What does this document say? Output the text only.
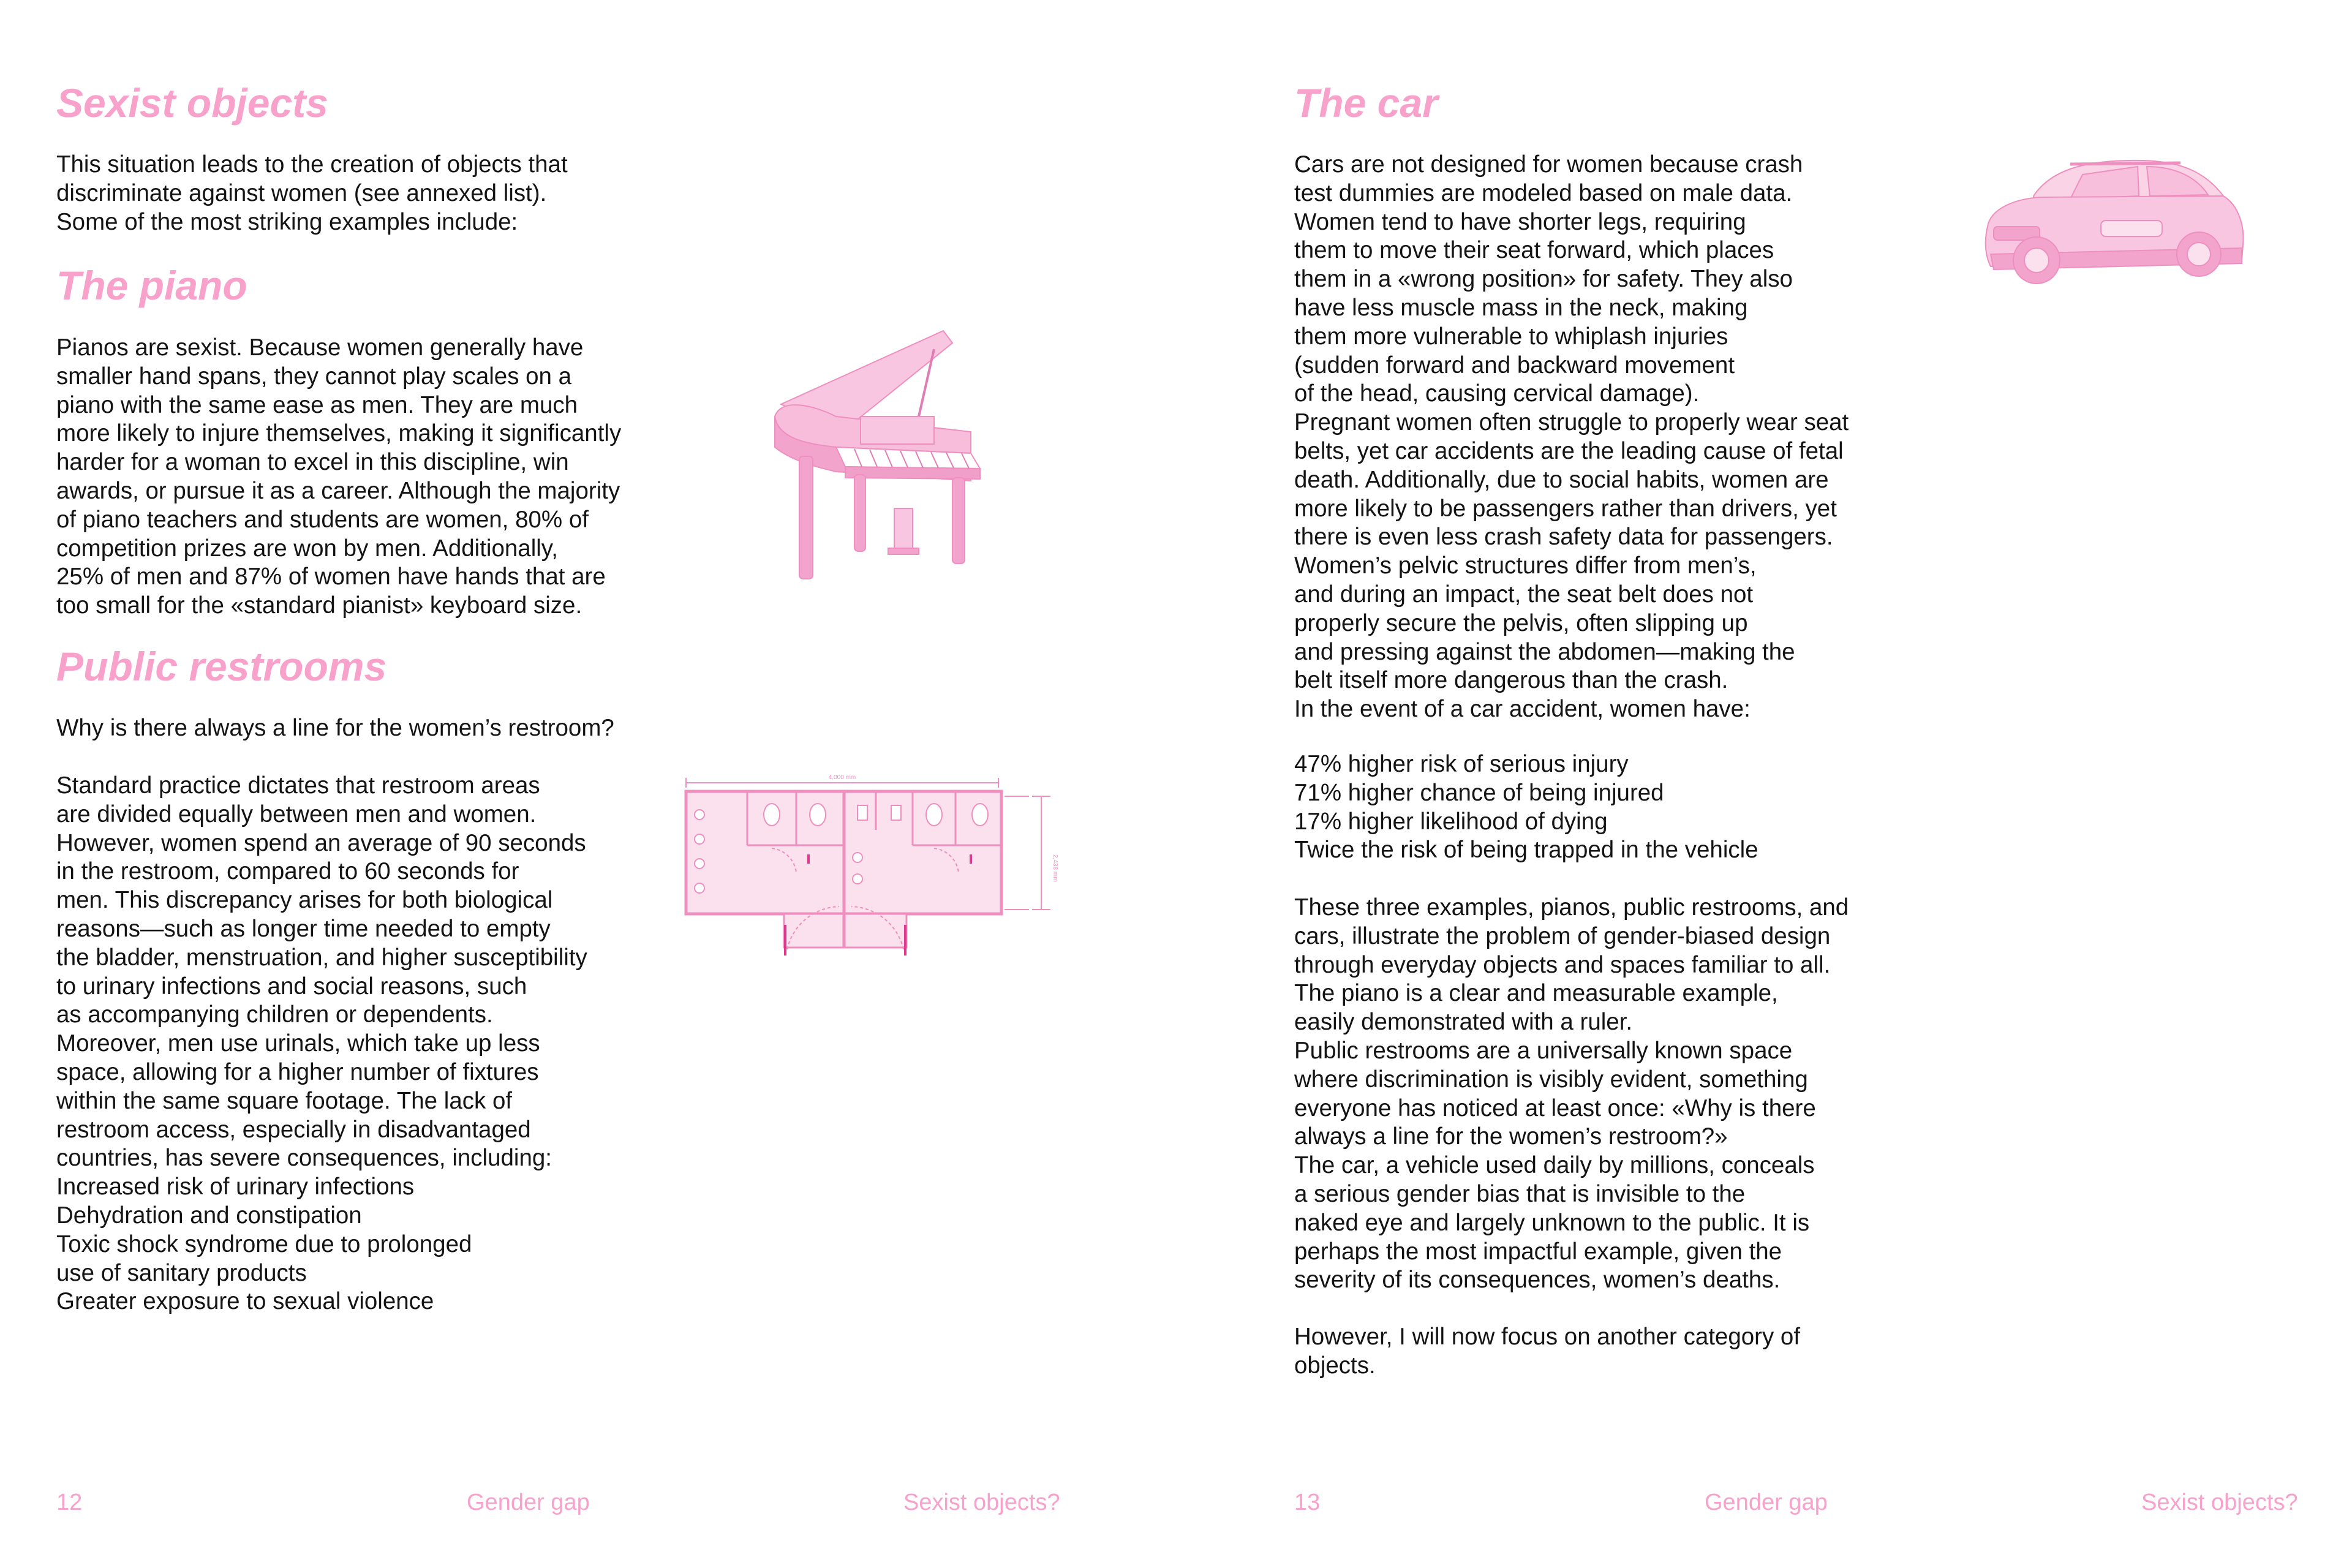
Sexist objects

This situation leads to the creation of objects that
discriminate against women (see annexed list).
Some of the most striking examples include:

The piano

Pianos are sexist. Because women generally have
smaller hand spans, they cannot play scales on a
piano with the same ease as men. They are much
more likely to injure themselves, making it significantly
harder for a woman to excel in this discipline, win
awards, or pursue it as a career. Although the majority
of piano teachers and students are women, 80% of
competition prizes are won by men. Additionally,
25% of men and 87% of women have hands that are
too small for the «standard pianist» keyboard size.

Public restrooms

Why is there always a line for the women’s restroom?

Standard practice dictates that restroom areas
are divided equally between men and women.
However, women spend an average of 90 seconds
in the restroom, compared to 60 seconds for
men. This discrepancy arises for both biological
reasons—such as longer time needed to empty
the bladder, menstruation, and higher susceptibility
to urinary infections and social reasons, such
as accompanying children or dependents.
Moreover, men use urinals, which take up less
space, allowing for a higher number of fixtures
within the same square footage. The lack of
restroom access, especially in disadvantaged
countries, has severe consequences, including:
Increased risk of urinary infections
Dehydration and constipation
Toxic shock syndrome due to prolonged
use of sanitary products
Greater exposure to sexual violence

4,000 mm
2,438 mm
12	Gender gap	Sexist objects?
The car

Cars are not designed for women because crash
test dummies are modeled based on male data.
Women tend to have shorter legs, requiring
them to move their seat forward, which places
them in a «wrong position» for safety. They also
have less muscle mass in the neck, making
them more vulnerable to whiplash injuries
(sudden forward and backward movement
of the head, causing cervical damage).
Pregnant women often struggle to properly wear seat
belts, yet car accidents are the leading cause of fetal
death. Additionally, due to social habits, women are
more likely to be passengers rather than drivers, yet
there is even less crash safety data for passengers.
Women’s pelvic structures differ from men’s,
and during an impact, the seat belt does not
properly secure the pelvis, often slipping up
and pressing against the abdomen—making the
belt itself more dangerous than the crash.
In the event of a car accident, women have:

47% higher risk of serious injury
71% higher chance of being injured
17% higher likelihood of dying
Twice the risk of being trapped in the vehicle

These three examples, pianos, public restrooms, and
cars, illustrate the problem of gender-biased design
through everyday objects and spaces familiar to all.
The piano is a clear and measurable example,
easily demonstrated with a ruler.
Public restrooms are a universally known space
where discrimination is visibly evident, something
everyone has noticed at least once: «Why is there
always a line for the women’s restroom?»
The car, a vehicle used daily by millions, conceals
a serious gender bias that is invisible to the
naked eye and largely unknown to the public. It is
perhaps the most impactful example, given the
severity of its consequences, women’s deaths.

However, I will now focus on another category of
objects.

13	Gender gap	Sexist objects?
